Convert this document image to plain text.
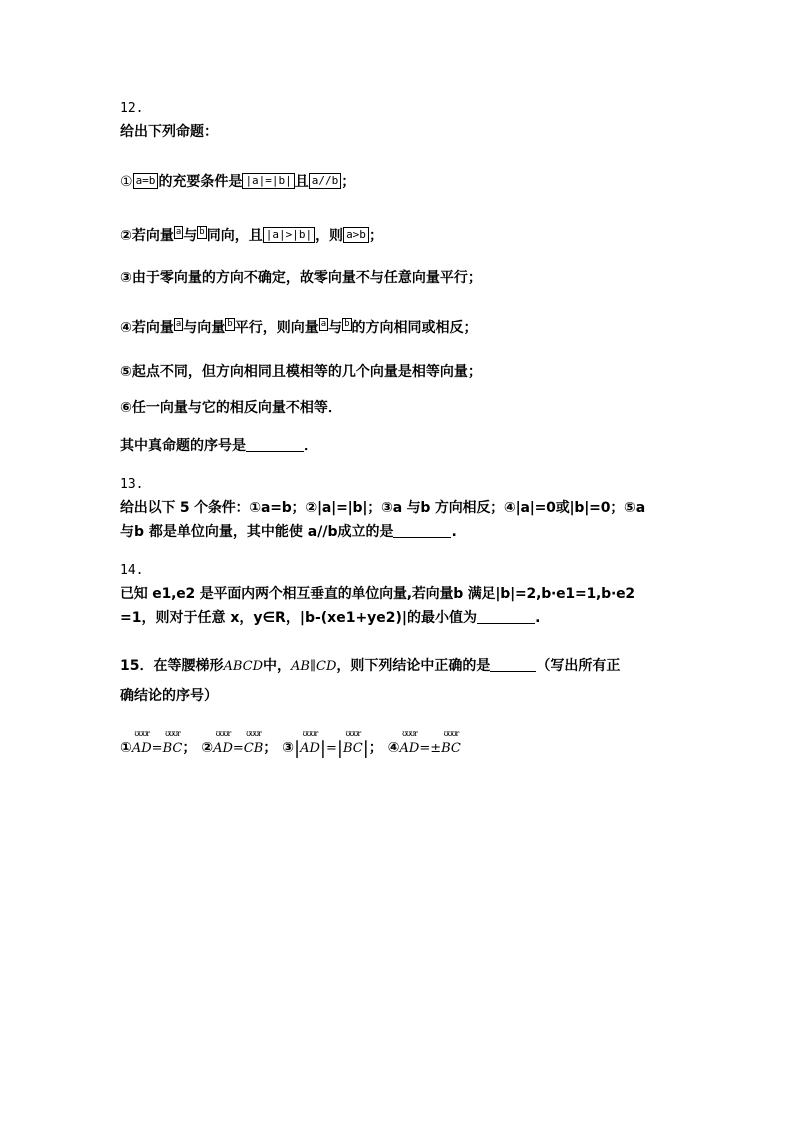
12.
给出下列命题：
① a=b 的充要条件是 |a|=|b| 且 a//b ；
②若向量 a 与 b 同向，且 |a|>|b| ，则 a>b ；
③由于零向量的方向不确定，故零向量不与任意向量平行；
④若向量 a 与向量 b 平行，则向量 a 与 b 的方向相同或相反；
⑤起点不同，但方向相同且模相等的几个向量是相等向量；
⑥任一向量与它的相反向量不相等．
其中真命题的序号是	．
13.
给出以下 5 个条件：①a=b；②|a|=|b|；③a 与b 方向相反；④|a|=0或|b|=0；⑤a
与b 都是单位向量，其中能使 a//b成立的是	.
14.
已知 e1,e2 是平面内两个相互垂直的单位向量,若向量b 满足|b|=2,b·e1=1,b·e2
=1，则对于任意 x，y∈R，|b-(xe1+ye2)|的最小值为	.
15．在等腰梯形ABCD中，AB∥CD，则下列结论中正确的是	（写出所有正
确结论的序号）
①
ʊʊʊr
AD=
ʊʊʊr
BC； ②
ʊʊʊr
AD=
ʊʊʊr
CB； ③|
ʊʊʊr
AD|=|
ʊʊʊr
BC|； ④
ʊʊʊr
AD=±
ʊʊʊr
BC
